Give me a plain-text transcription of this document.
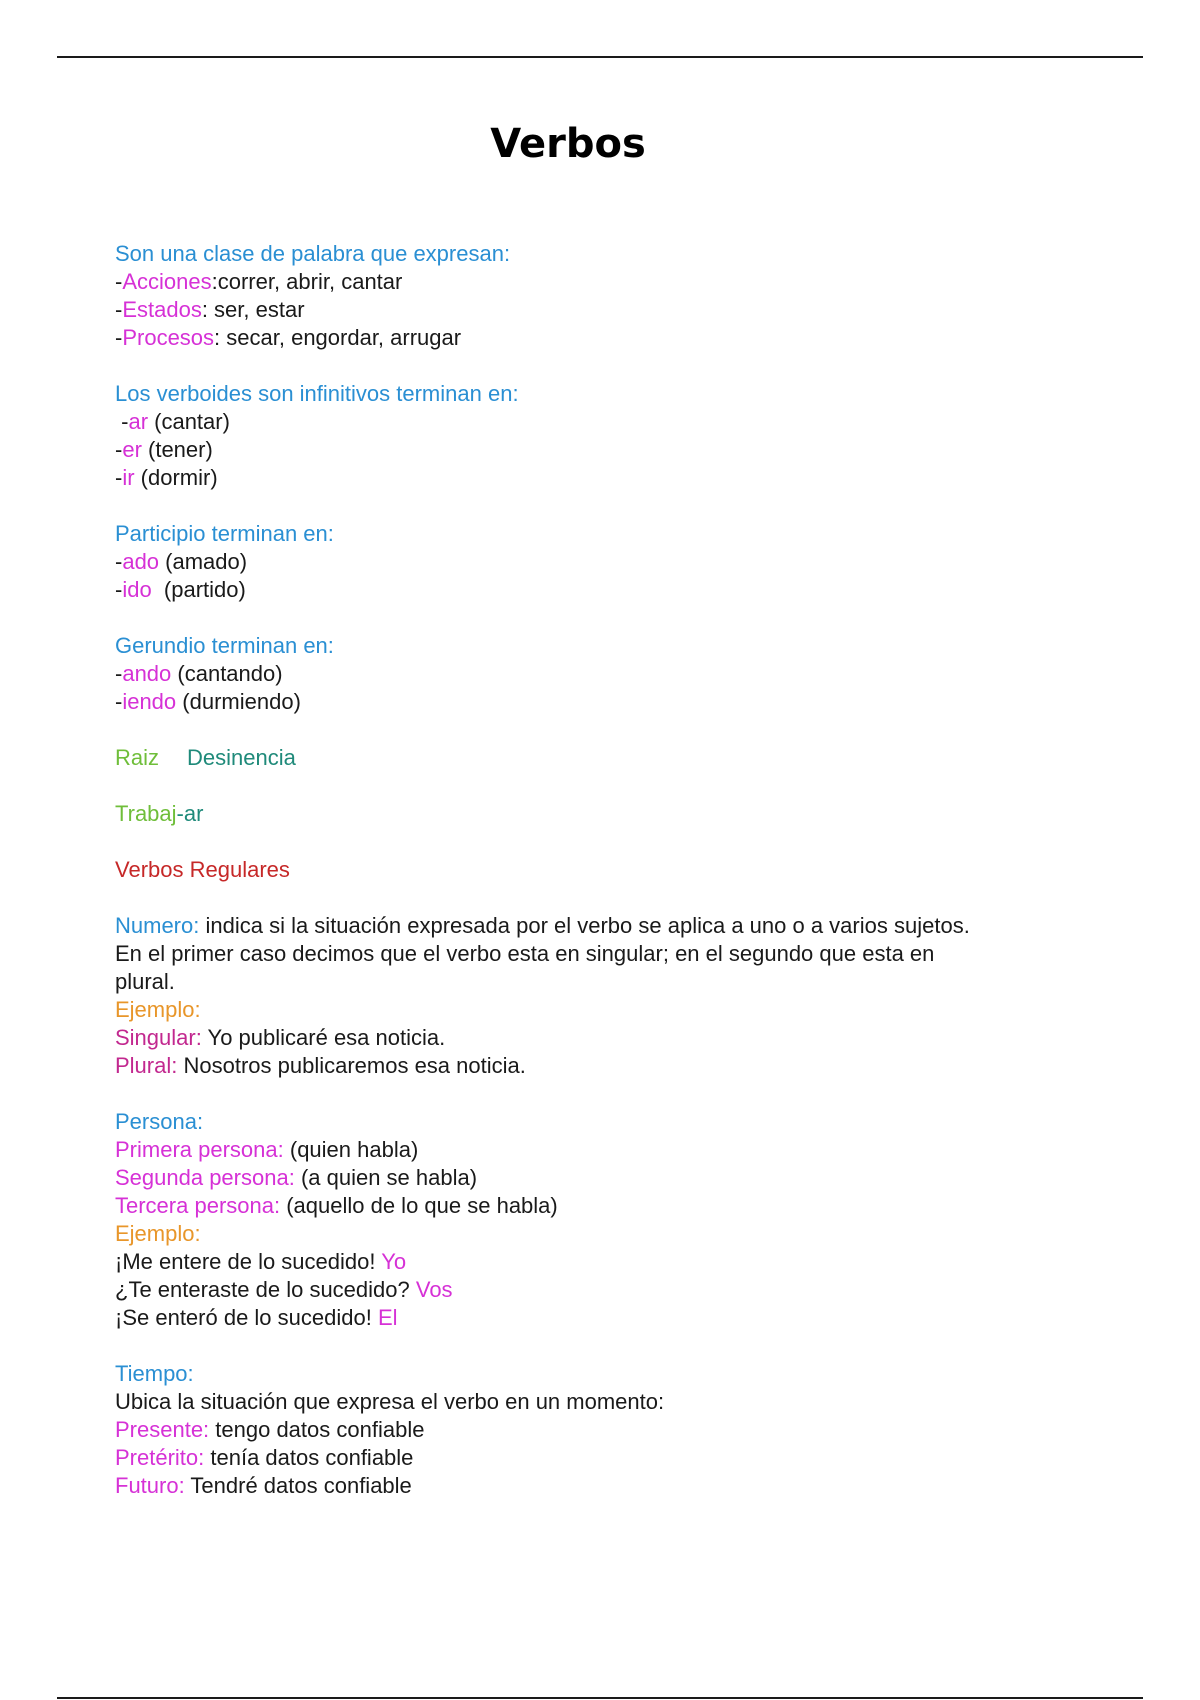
Verbos
Son una clase de palabra que expresan:
-Acciones:correr, abrir, cantar
-Estados: ser, estar
-Procesos: secar, engordar, arrugar
Los verboides son infinitivos terminan en:
-ar (cantar)
-er (tener)
-ir (dormir)
Participio terminan en:
-ado (amado)
-ido  (partido)
Gerundio terminan en:
-ando (cantando)
-iendo (durmiendo)
Raiz Desinencia
Trabaj-ar
Verbos Regulares
Numero: indica si la situación expresada por el verbo se aplica a uno o a varios sujetos.
En el primer caso decimos que el verbo esta en singular; en el segundo que esta en
plural.
Ejemplo:
Singular: Yo publicaré esa noticia.
Plural: Nosotros publicaremos esa noticia.
Persona:
Primera persona: (quien habla)
Segunda persona: (a quien se habla)
Tercera persona: (aquello de lo que se habla)
Ejemplo:
¡Me entere de lo sucedido! Yo
¿Te enteraste de lo sucedido? Vos
¡Se enteró de lo sucedido! El
Tiempo:
Ubica la situación que expresa el verbo en un momento:
Presente: tengo datos confiable
Pretérito: tenía datos confiable
Futuro: Tendré datos confiable
